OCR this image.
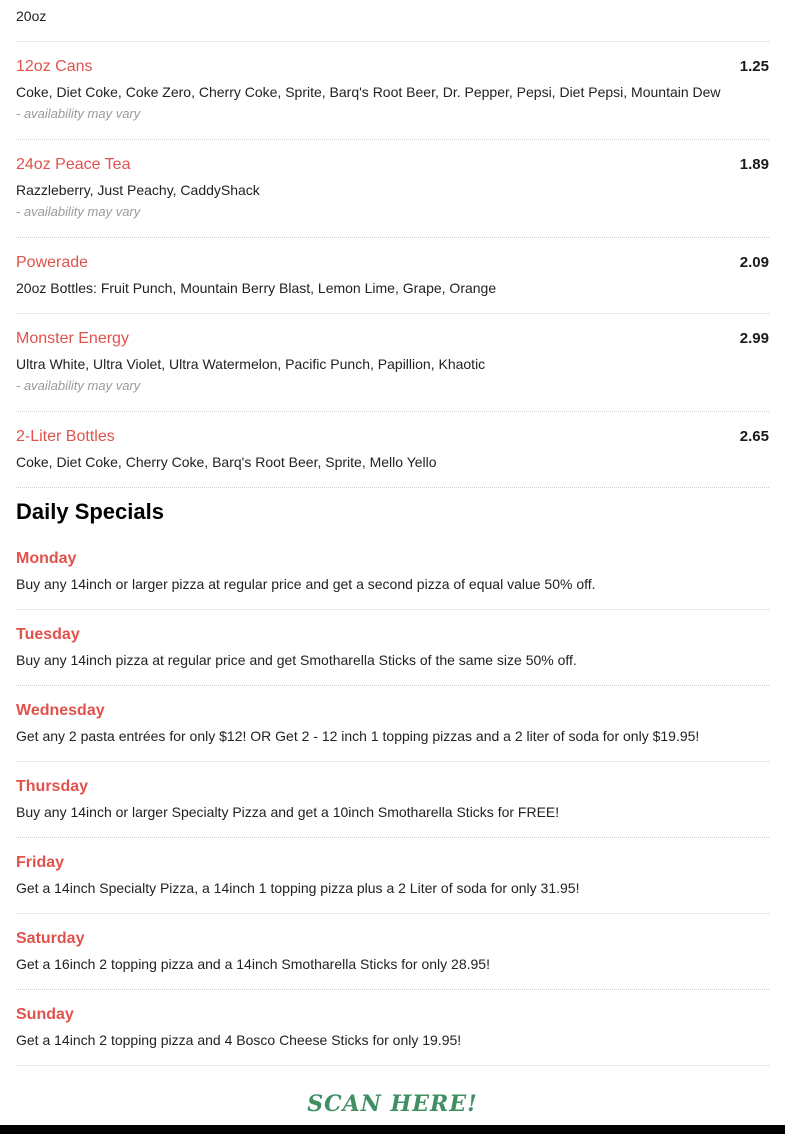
20oz
12oz Cans	1.25
Coke, Diet Coke, Coke Zero, Cherry Coke, Sprite, Barq's Root Beer, Dr. Pepper, Pepsi, Diet Pepsi, Mountain Dew
- availability may vary
24oz Peace Tea	1.89
Razzleberry, Just Peachy, CaddyShack
- availability may vary
Powerade	2.09
20oz Bottles: Fruit Punch, Mountain Berry Blast, Lemon Lime, Grape, Orange
Monster Energy	2.99
Ultra White, Ultra Violet, Ultra Watermelon, Pacific Punch, Papillion, Khaotic
- availability may vary
2-Liter Bottles	2.65
Coke, Diet Coke, Cherry Coke, Barq's Root Beer, Sprite, Mello Yello
Daily Specials
Monday
Buy any 14inch or larger pizza at regular price and get a second pizza of equal value 50% off.
Tuesday
Buy any 14inch pizza at regular price and get Smotharella Sticks of the same size 50% off.
Wednesday
Get any 2 pasta entrées for only $12! OR Get 2 - 12 inch 1 topping pizzas and a 2 liter of soda for only $19.95!
Thursday
Buy any 14inch or larger Specialty Pizza and get a 10inch Smotharella Sticks for FREE!
Friday
Get a 14inch Specialty Pizza, a 14inch 1 topping pizza plus a 2 Liter of soda for only 31.95!
Saturday
Get a 16inch 2 topping pizza and a 14inch Smotharella Sticks for only 28.95!
Sunday
Get a 14inch 2 topping pizza and 4 Bosco Cheese Sticks for only 19.95!
SCAN HERE!
